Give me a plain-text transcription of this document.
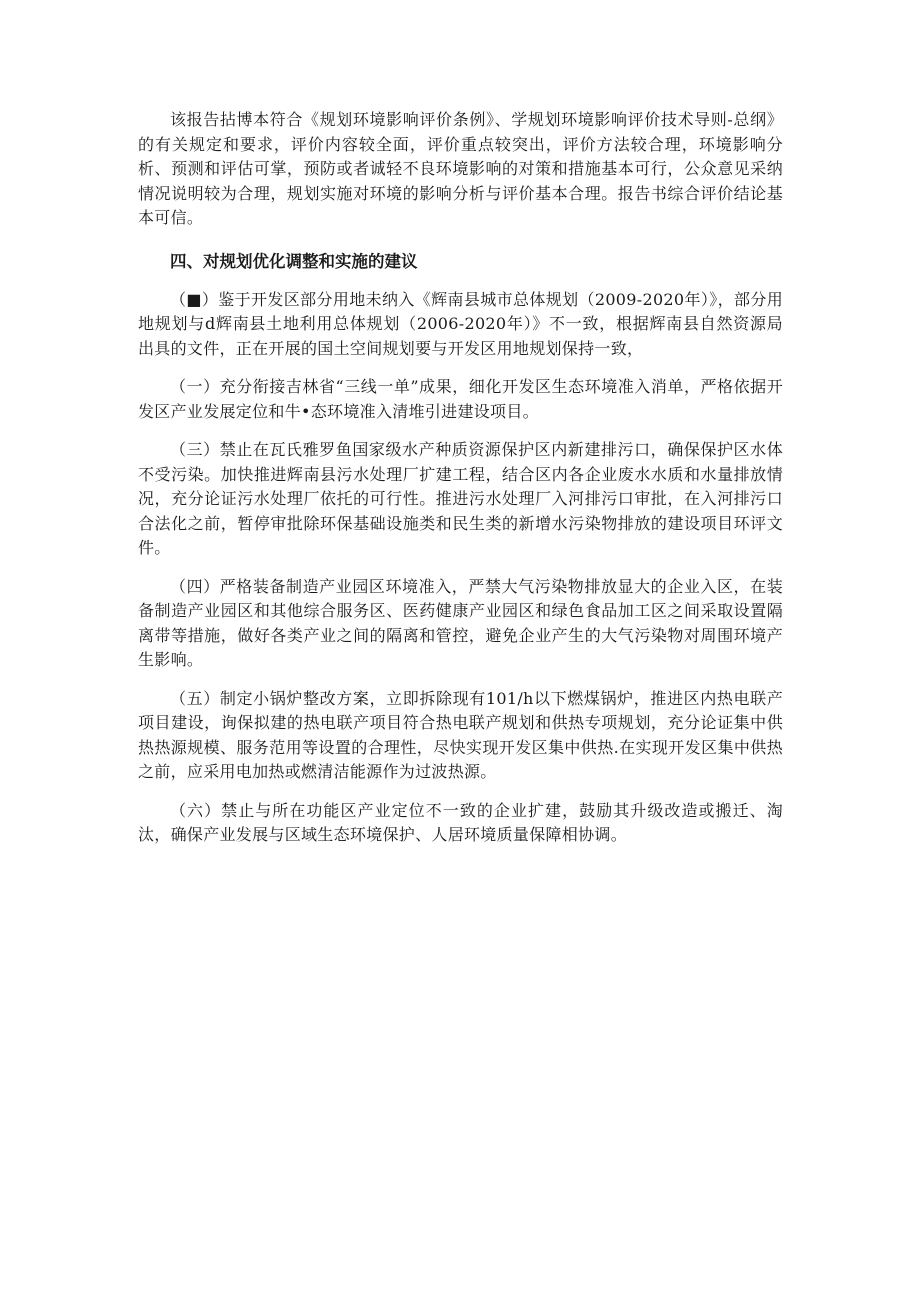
该报告拈博本符合《规划环境影响评价条例》、学规划环境影响评价技术导则-总纲》的有关规定和要求，评价内容较全面，评价重点较突出，评价方法较合理，环境影响分析、预测和评估可掌，预防或者诚轻不良环境影响的对策和措施基本可行，公众意见采纳情况说明较为合理，规划实施对环境的影响分析与评价基本合理。报告书综合评价结论基本可信。

四、对规划优化调整和实施的建议

（■）鉴于开发区部分用地未纳入《辉南县城市总体规划（2009-2020年）》，部分用地规划与d辉南县土地利用总体规划（2006-2020年）》不一致，根据辉南县自然资源局出具的文件，正在开展的国土空间规划要与开发区用地规划保持一致，

（一）充分衔接吉林省“三线一单”成果，细化开发区生态环境准入消单，严格依据开发区产业发展定位和牛•态环境准入清堆引进建设项目。

（三）禁止在瓦氏雅罗鱼国家级水产种质资源保护区内新建排污口，确保保护区水体不受污染。加快推进辉南县污水处理厂扩建工程，结合区内各企业废水水质和水量排放情况，充分论证污水处理厂依托的可行性。推进污水处理厂入河排污口审批，在入河排污口合法化之前，暂停审批除环保基础设施类和民生类的新增水污染物排放的建设项目环评文件。

（四）严格装备制造产业园区环境准入，严禁大气污染物排放显大的企业入区，在装备制造产业园区和其他综合服务区、医药健康产业园区和绿色食品加工区之间采取设置隔离带等措施，做好各类产业之间的隔离和管控，避免企业产生的大气污染物对周围环境产生影响。

（五）制定小锅炉整改方案，立即拆除现有101/h以下燃煤锅炉，推进区内热电联产项目建设，询保拟建的热电联产项目符合热电联产规划和供热专项规划，充分论证集中供热热源规模、服务范用等设置的合理性，尽快实现开发区集中供热.在实现开发区集中供热之前，应采用电加热或燃清洁能源作为过波热源。

（六）禁止与所在功能区产业定位不一致的企业扩建，鼓励其升级改造或搬迁、淘汰，确保产业发展与区域生态环境保护、人居环境质量保障相协调。
